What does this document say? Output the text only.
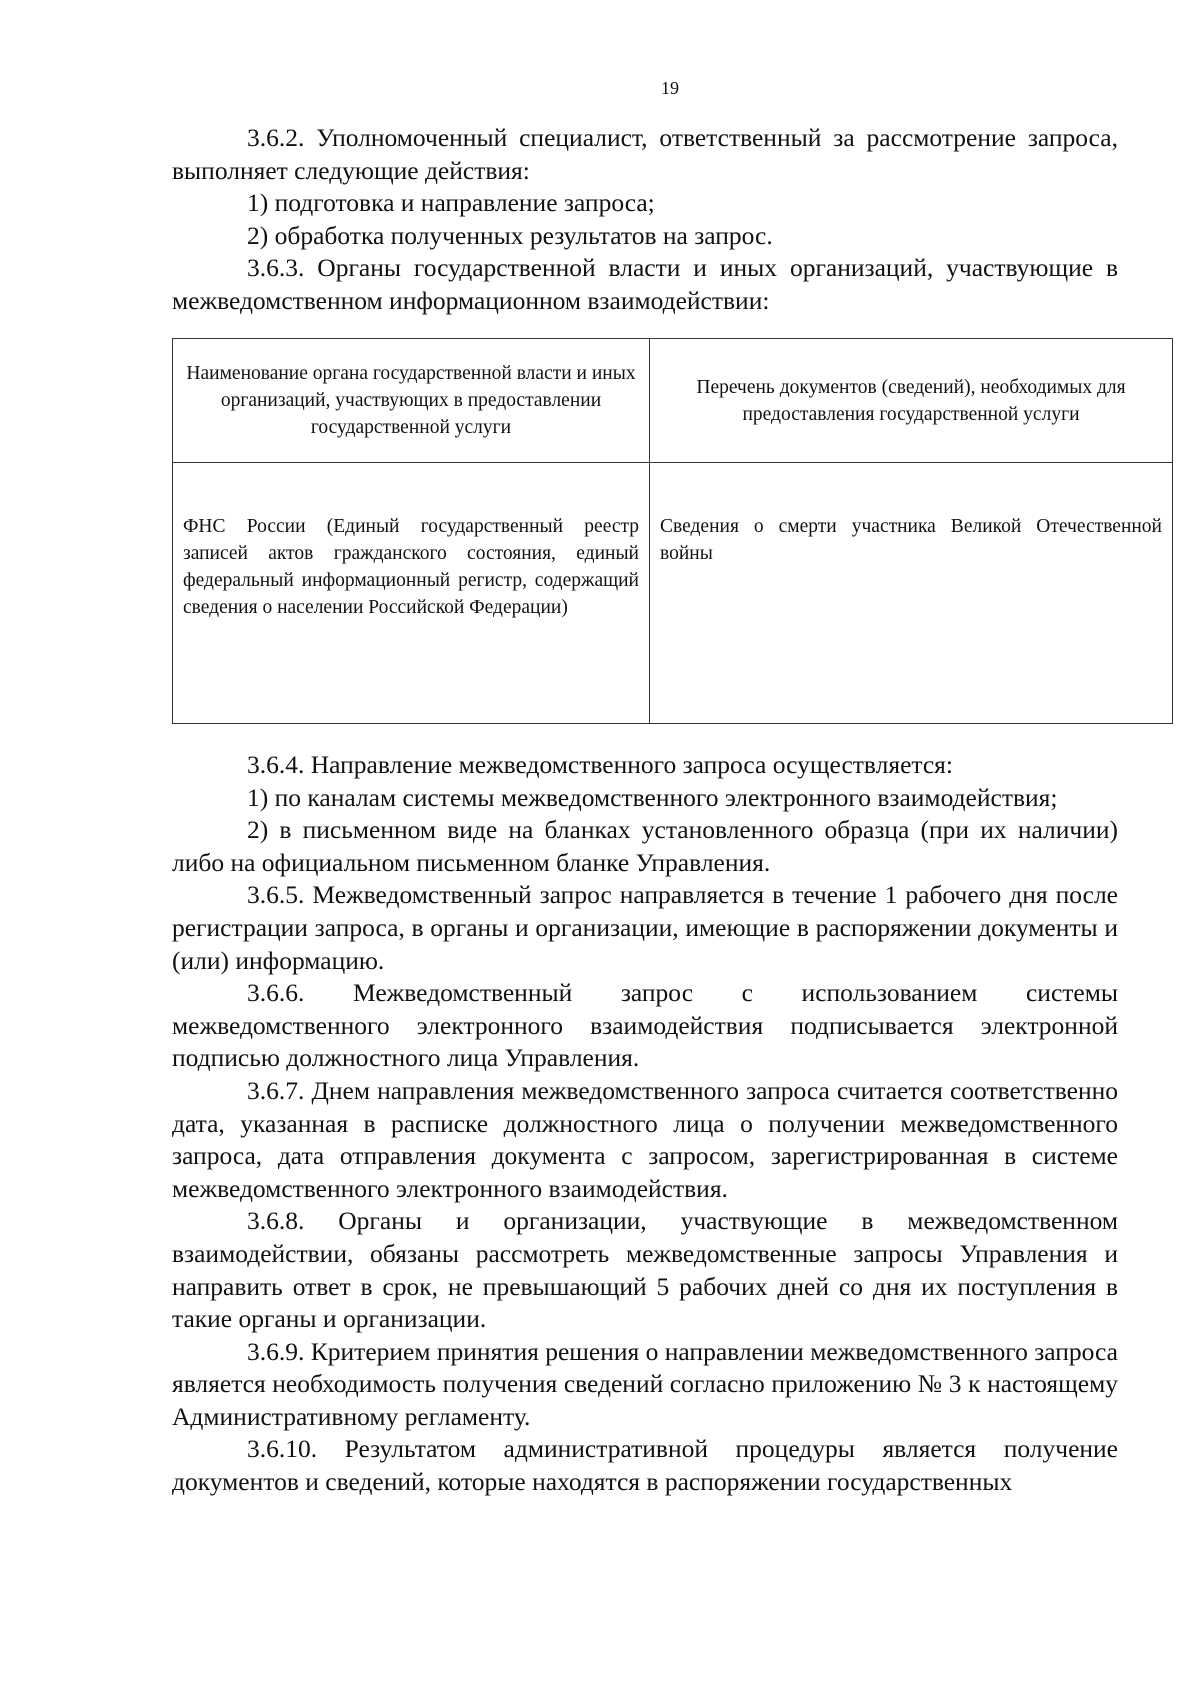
19

3.6.2. Уполномоченный специалист, ответственный за рассмотрение запроса, выполняет следующие действия:

1) подготовка и направление запроса;

2) обработка полученных результатов на запрос.

3.6.3. Органы государственной власти и иных организаций, участвующие в межведомственном информационном взаимодействии:

Наименование органа государственной власти и иных организаций, участвующих в предоставлении государственной услуги	Перечень документов (сведений), необходимых для предоставления государственной услуги
ФНС России (Единый государственный реестр записей актов гражданского состояния, единый федеральный информационный регистр, содержащий сведения о населении Российской Федерации)	Сведения о смерти участника Великой Отечественной войны

3.6.4. Направление межведомственного запроса осуществляется:

1) по каналам системы межведомственного электронного взаимодействия;

2) в письменном виде на бланках установленного образца (при их наличии) либо на официальном письменном бланке Управления.

3.6.5. Межведомственный запрос направляется в течение 1 рабочего дня после регистрации запроса, в органы и организации, имеющие в распоряжении документы и (или) информацию.

3.6.6. Межведомственный запрос с использованием системы межведомственного электронного взаимодействия подписывается электронной подписью должностного лица Управления.

3.6.7. Днем направления межведомственного запроса считается соответственно дата, указанная в расписке должностного лица о получении межведомственного запроса, дата отправления документа с запросом, зарегистрированная в системе межведомственного электронного взаимодействия.

3.6.8. Органы и организации, участвующие в межведомственном взаимодействии, обязаны рассмотреть межведомственные запросы Управления и направить ответ в срок, не превышающий 5 рабочих дней со дня их поступления в такие органы и организации.

3.6.9. Критерием принятия решения о направлении межведомственного запроса является необходимость получения сведений согласно приложению № 3 к настоящему Административному регламенту.

3.6.10. Результатом административной процедуры является получение документов и сведений, которые находятся в распоряжении государственных
